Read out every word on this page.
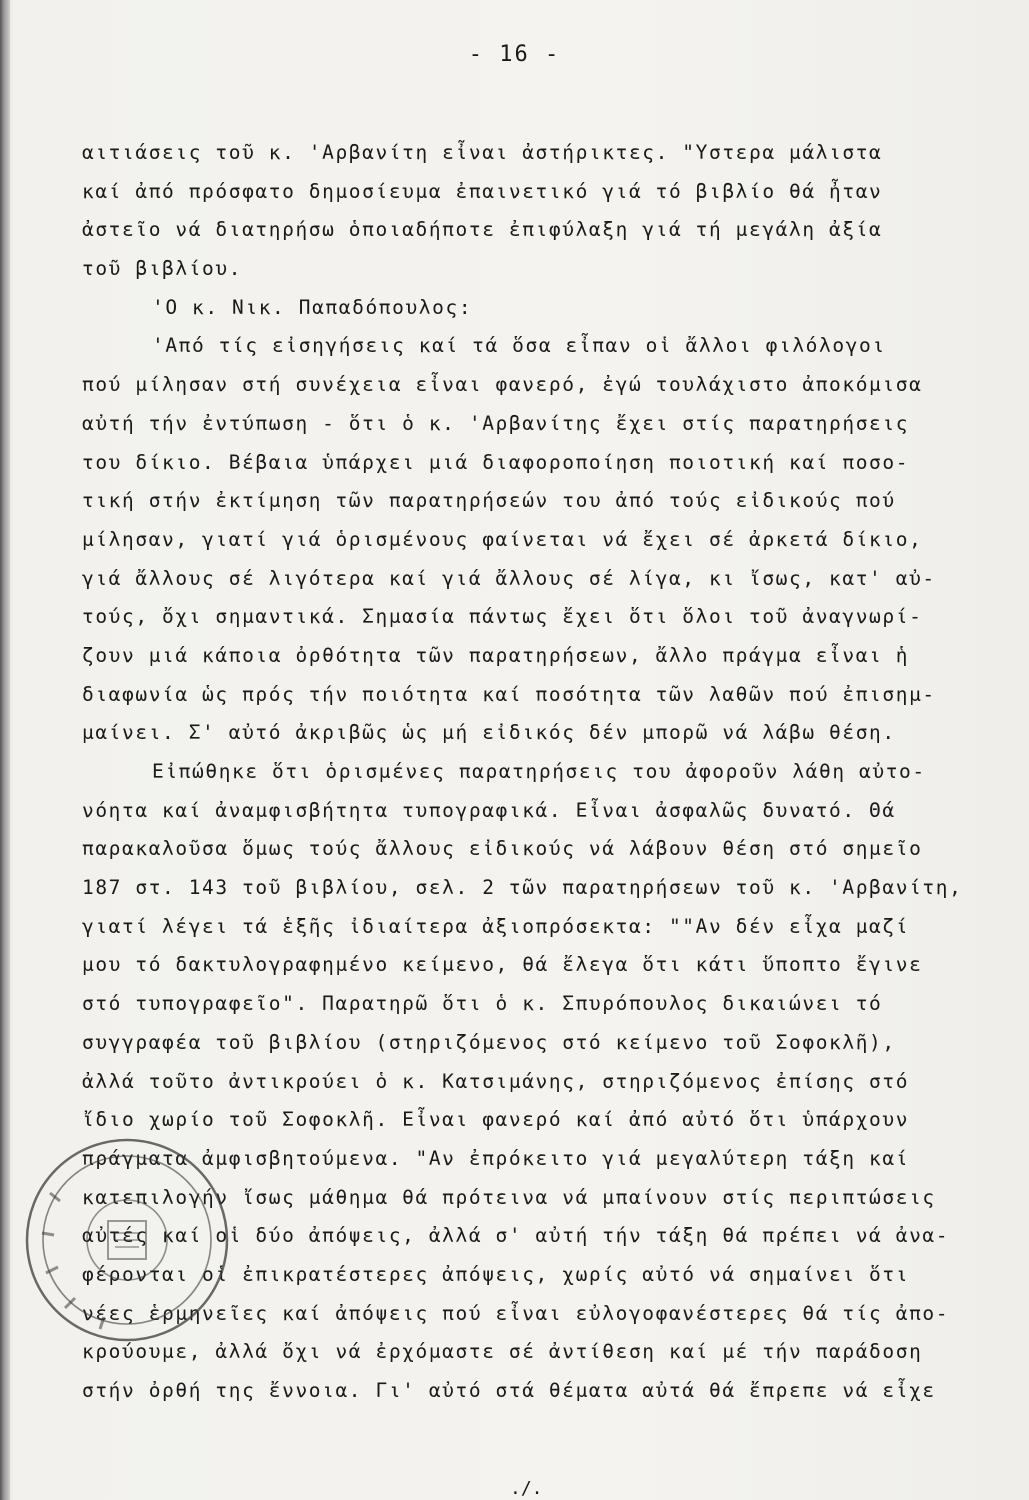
- 16 -
αιτιάσεις τοῦ κ. 'Αρβανίτη εἶναι ἀστήρικτες. "Υστερα μάλιστα
καί ἀπό πρόσφατο δημοσίευμα ἐπαινετικό γιά τό βιβλίο θά ἦταν
ἀστεῖο νά διατηρήσω ὁποιαδήποτε ἐπιφύλαξη γιά τή μεγάλη ἀξία
τοῦ βιβλίου.
'Ο κ. Νικ. Παπαδόπουλος:
'Από τίς εἰσηγήσεις καί τά ὅσα εἶπαν οἱ ἄλλοι φιλόλογοι
πού μίλησαν στή συνέχεια εἶναι φανερό, ἐγώ τουλάχιστο ἀποκόμισα
αὐτή τήν ἐντύπωση - ὅτι ὁ κ. 'Αρβανίτης ἔχει στίς παρατηρήσεις
του δίκιο. Βέβαια ὑπάρχει μιά διαφοροποίηση ποιοτική καί ποσο-
τική στήν ἐκτίμηση τῶν παρατηρήσεών του ἀπό τούς εἰδικούς πού
μίλησαν, γιατί γιά ὁρισμένους φαίνεται νά ἔχει σέ ἀρκετά δίκιο,
γιά ἄλλους σέ λιγότερα καί γιά ἄλλους σέ λίγα, κι ἴσως, κατ' αὐ-
τούς, ὄχι σημαντικά. Σημασία πάντως ἔχει ὅτι ὅλοι τοῦ ἀναγνωρί-
ζουν μιά κάποια ὀρθότητα τῶν παρατηρήσεων, ἄλλο πράγμα εἶναι ἡ
διαφωνία ὡς πρός τήν ποιότητα καί ποσότητα τῶν λαθῶν πού ἐπισημ-
μαίνει. Σ' αὐτό ἀκριβῶς ὡς μή εἰδικός δέν μπορῶ νά λάβω θέση.
Εἰπώθηκε ὅτι ὁρισμένες παρατηρήσεις του ἀφοροῦν λάθη αὐτο-
νόητα καί ἀναμφισβήτητα τυπογραφικά. Εἶναι ἀσφαλῶς δυνατό. Θά
παρακαλοῦσα ὅμως τούς ἄλλους εἰδικούς νά λάβουν θέση στό σημεῖο
187 στ. 143 τοῦ βιβλίου, σελ. 2 τῶν παρατηρήσεων τοῦ κ. 'Αρβανίτη,
γιατί λέγει τά ἑξῆς ἰδιαίτερα ἀξιοπρόσεκτα: ""Αν δέν εἶχα μαζί
μου τό δακτυλογραφημένο κείμενο, θά ἔλεγα ὅτι κάτι ὕποπτο ἔγινε
στό τυπογραφεῖο". Παρατηρῶ ὅτι ὁ κ. Σπυρόπουλος δικαιώνει τό
συγγραφέα τοῦ βιβλίου (στηριζόμενος στό κείμενο τοῦ Σοφοκλῆ),
ἀλλά τοῦτο ἀντικρούει ὁ κ. Κατσιμάνης, στηριζόμενος ἐπίσης στό
ἴδιο χωρίο τοῦ Σοφοκλῆ. Εἶναι φανερό καί ἀπό αὐτό ὅτι ὑπάρχουν
πράγματα ἀμφισβητούμενα. "Αν ἐπρόκειτο γιά μεγαλύτερη τάξη καί
κατεπιλογήν ἴσως μάθημα θά πρότεινα νά μπαίνουν στίς περιπτώσεις
αὐτές καί οἱ δύο ἀπόψεις, ἀλλά σ' αὐτή τήν τάξη θά πρέπει νά ἀνα-
φέρονται οἱ ἐπικρατέστερες ἀπόψεις, χωρίς αὐτό νά σημαίνει ὅτι
νέες ἑρμηνεῖες καί ἀπόψεις πού εἶναι εὐλογοφανέστερες θά τίς ἀπο-
κρούουμε, ἀλλά ὄχι νά ἐρχόμαστε σέ ἀντίθεση καί μέ τήν παράδοση
στήν ὀρθή της ἔννοια. Γι' αὐτό στά θέματα αὐτά θά ἔπρεπε νά εἶχε
./.
